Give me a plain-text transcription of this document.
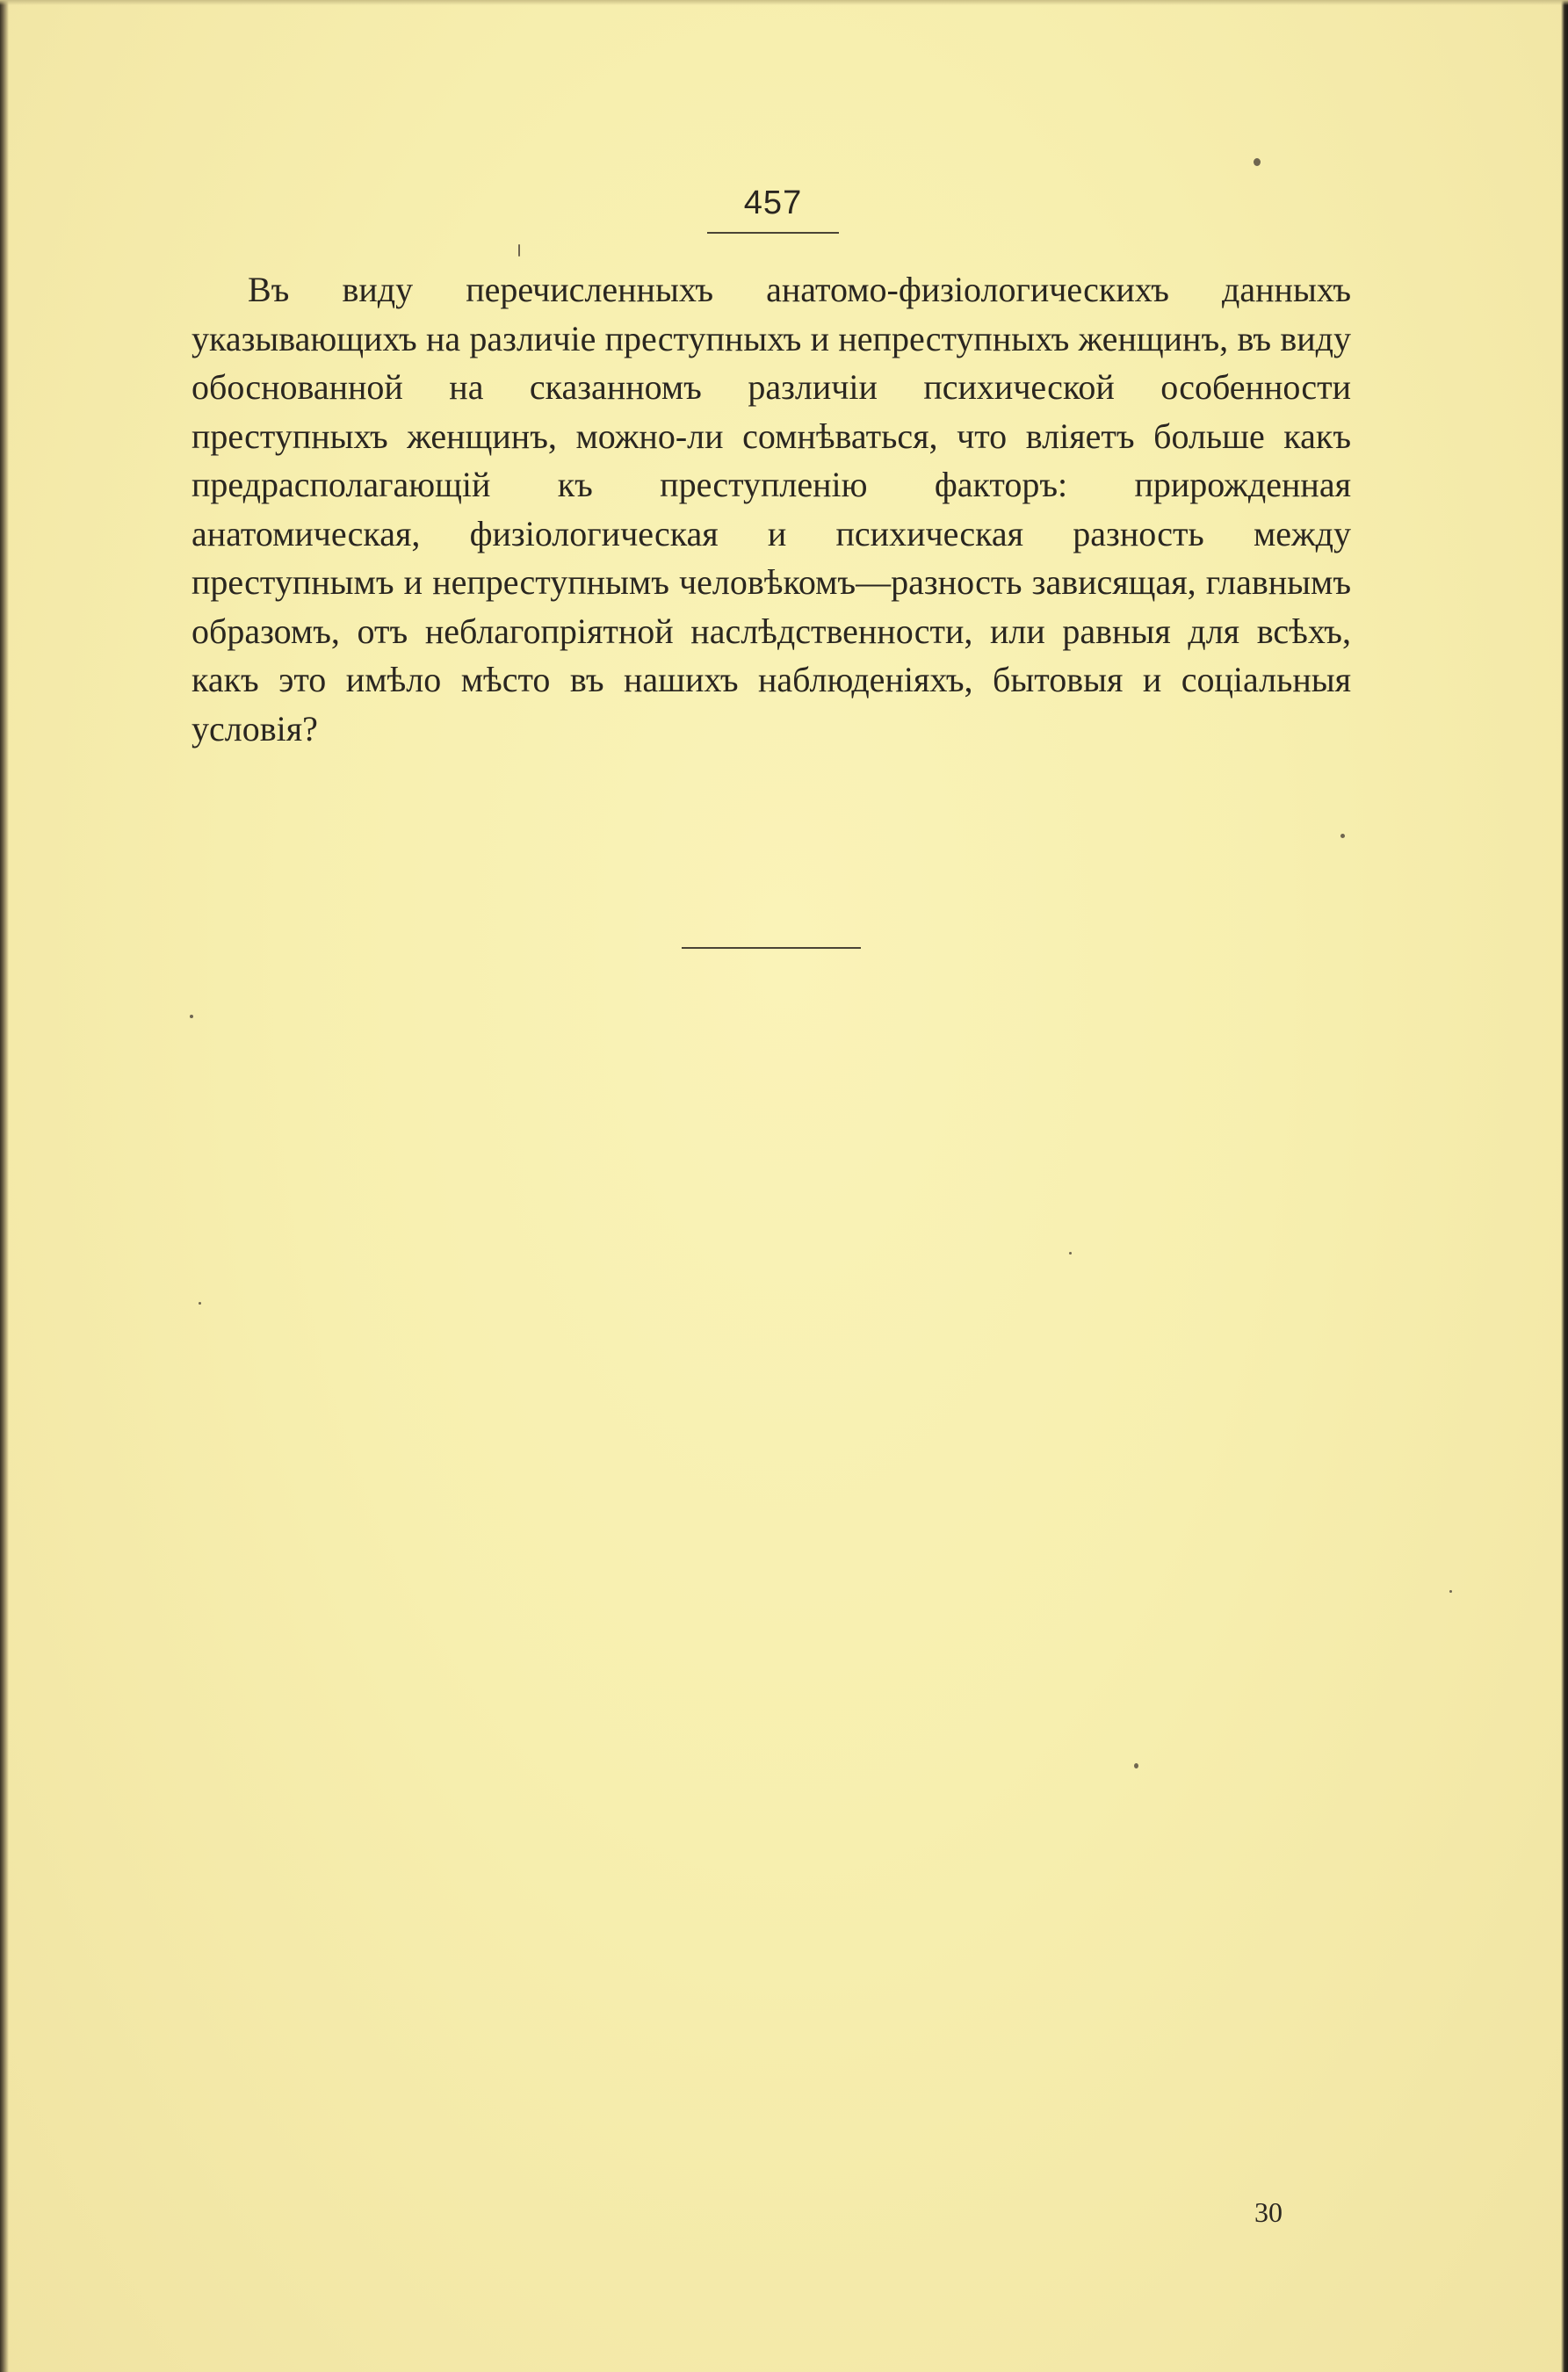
457

Въ виду перечисленныхъ анатомо-физіологическихъ данныхъ указывающихъ на различіе преступныхъ и непреступныхъ женщинъ, въ виду обоснованной на сказанномъ различіи психической особенности преступныхъ женщинъ, можно-ли сомнѣваться, что вліяетъ больше какъ предрасполагающій къ преступленію факторъ: прирожденная анатомическая, физіологическая и психическая разность между преступнымъ и непреступнымъ человѣкомъ—разность зависящая, главнымъ образомъ, отъ неблагопріятной наслѣдственности, или равныя для всѣхъ, какъ это имѣло мѣсто въ нашихъ наблюденіяхъ, бытовыя и соціальныя условія?

30
